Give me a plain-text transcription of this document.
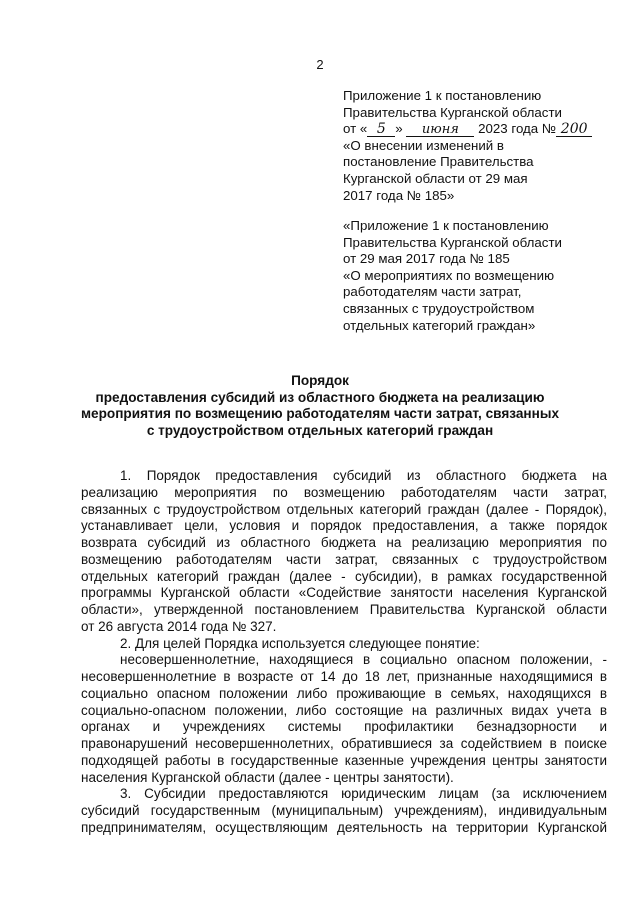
2
Приложение 1 к постановлению
Правительства Курганской области
от « 5 » июня 2023 года № 200
«О внесении изменений в
постановление Правительства
Курганской области от 29 мая
2017 года № 185»
«Приложение 1 к постановлению
Правительства Курганской области
от 29 мая 2017 года № 185
«О мероприятиях по возмещению
работодателям части затрат,
связанных с трудоустройством
отдельных категорий граждан»
Порядок
предоставления субсидий из областного бюджета на реализацию
мероприятия по возмещению работодателям части затрат, связанных
с трудоустройством отдельных категорий граждан
1. Порядок предоставления субсидий из областного бюджета на
реализацию мероприятия по возмещению работодателям части затрат,
связанных с трудоустройством отдельных категорий граждан (далее - Порядок),
устанавливает цели, условия и порядок предоставления, а также порядок
возврата субсидий из областного бюджета на реализацию мероприятия по
возмещению работодателям части затрат, связанных с трудоустройством
отдельных категорий граждан (далее - субсидии), в рамках государственной
программы Курганской области «Содействие занятости населения Курганской
области», утвержденной постановлением Правительства Курганской области
от 26 августа 2014 года № 327.
2. Для целей Порядка используется следующее понятие:
несовершеннолетние, находящиеся в социально опасном положении, -
несовершеннолетние в возрасте от 14 до 18 лет, признанные находящимися в
социально опасном положении либо проживающие в семьях, находящихся в
социально-опасном положении, либо состоящие на различных видах учета в
органах и учреждениях системы профилактики безнадзорности и
правонарушений несовершеннолетних, обратившиеся за содействием в поиске
подходящей работы в государственные казенные учреждения центры занятости
населения Курганской области (далее - центры занятости).
3. Субсидии предоставляются юридическим лицам (за исключением
субсидий государственным (муниципальным) учреждениям), индивидуальным
предпринимателям, осуществляющим деятельность на территории Курганской
